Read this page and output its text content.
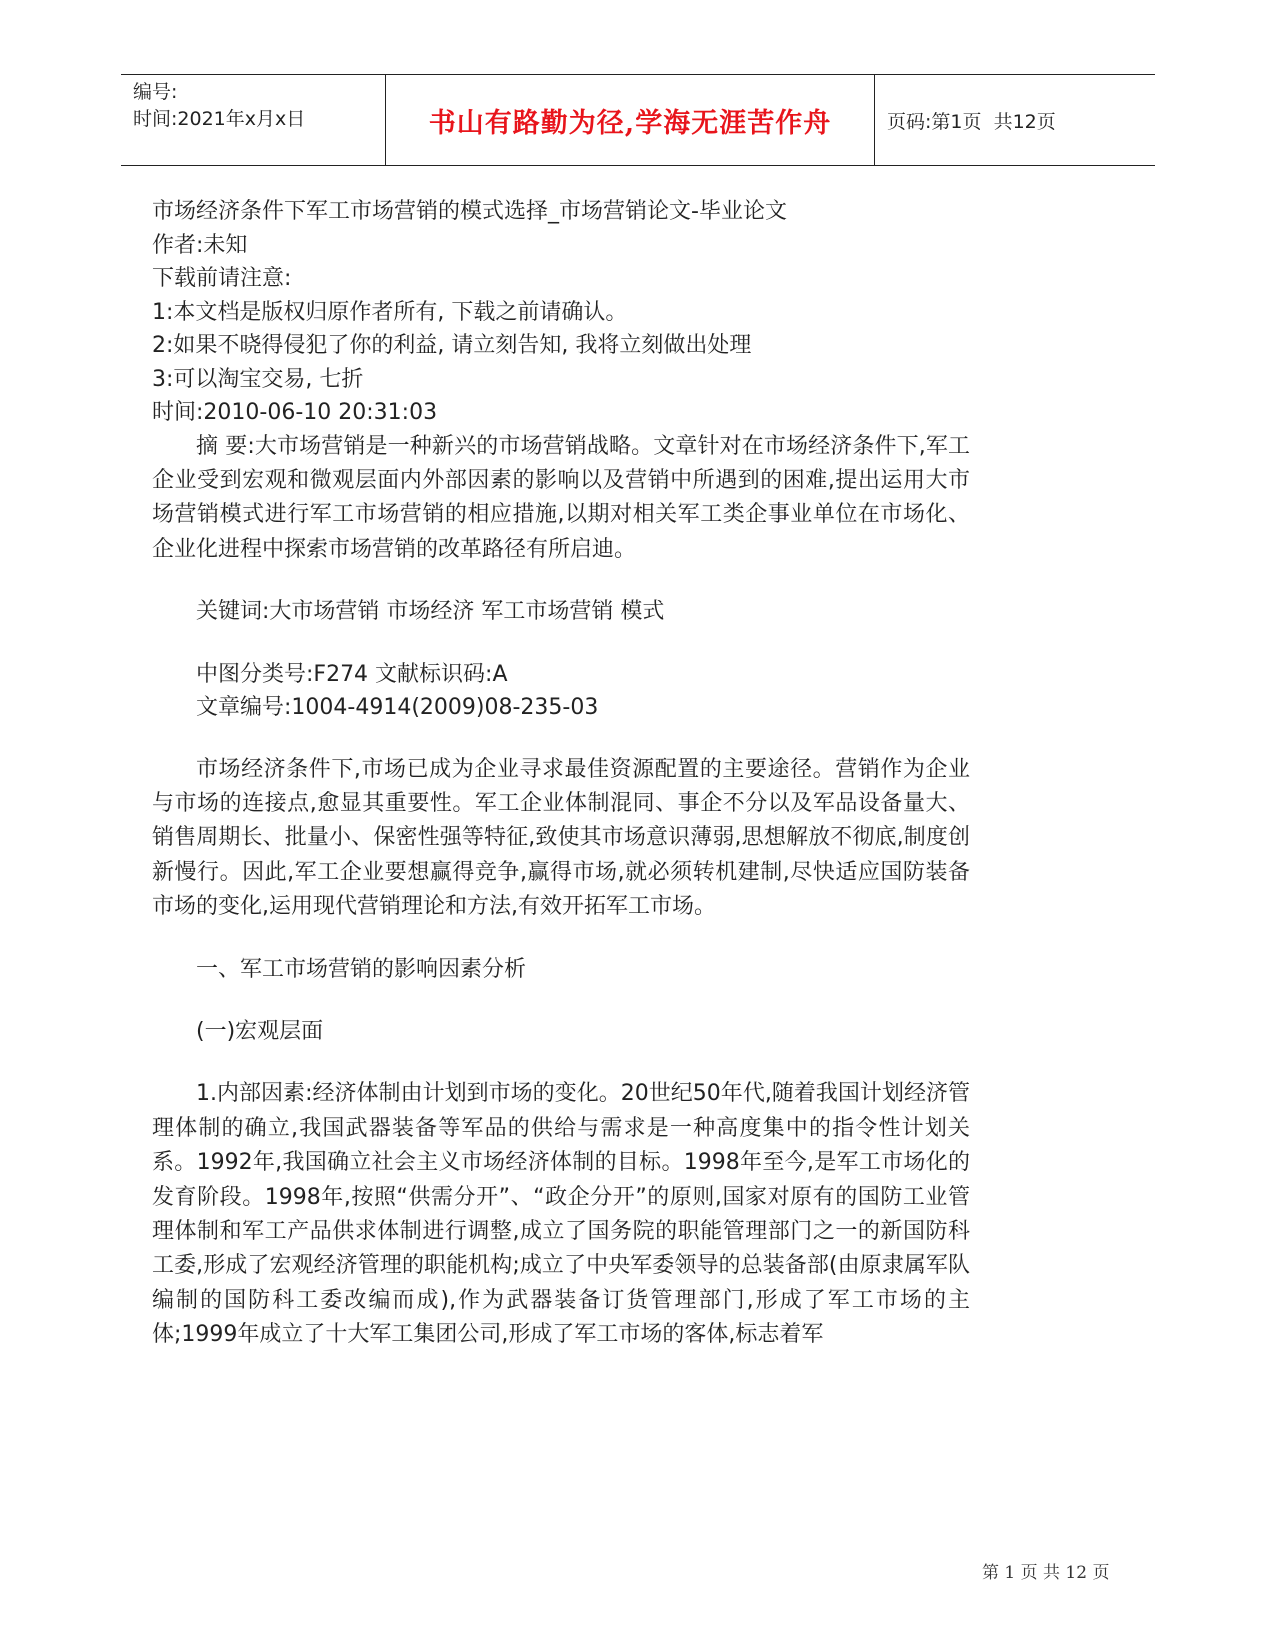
编号:
时间:2021年x月x日	书山有路勤为径,学海无涯苦作舟	页码:第1页  共12页

市场经济条件下军工市场营销的模式选择_市场营销论文-毕业论文

作者:未知

下载前请注意:

1:本文档是版权归原作者所有, 下载之前请确认。

2:如果不晓得侵犯了你的利益, 请立刻告知, 我将立刻做出处理

3:可以淘宝交易, 七折

时间:2010-06-10 20:31:03

摘 要:大市场营销是一种新兴的市场营销战略。文章针对在市场经济条件下,军工企业受到宏观和微观层面内外部因素的影响以及营销中所遇到的困难,提出运用大市场营销模式进行军工市场营销的相应措施,以期对相关军工类企事业单位在市场化、企业化进程中探索市场营销的改革路径有所启迪。

关键词:大市场营销 市场经济 军工市场营销 模式

中图分类号:F274 文献标识码:A

文章编号:1004-4914(2009)08-235-03

市场经济条件下,市场已成为企业寻求最佳资源配置的主要途径。营销作为企业与市场的连接点,愈显其重要性。军工企业体制混同、事企不分以及军品设备量大、销售周期长、批量小、保密性强等特征,致使其市场意识薄弱,思想解放不彻底,制度创新慢行。因此,军工企业要想赢得竞争,赢得市场,就必须转机建制,尽快适应国防装备市场的变化,运用现代营销理论和方法,有效开拓军工市场。

一、军工市场营销的影响因素分析

(一)宏观层面

1.内部因素:经济体制由计划到市场的变化。20世纪50年代,随着我国计划经济管理体制的确立,我国武器装备等军品的供给与需求是一种高度集中的指令性计划关系。1992年,我国确立社会主义市场经济体制的目标。1998年至今,是军工市场化的发育阶段。1998年,按照“供需分开”、“政企分开”的原则,国家对原有的国防工业管理体制和军工产品供求体制进行调整,成立了国务院的职能管理部门之一的新国防科工委,形成了宏观经济管理的职能机构;成立了中央军委领导的总装备部(由原隶属军队编制的国防科工委改编而成),作为武器装备订货管理部门,形成了军工市场的主体;1999年成立了十大军工集团公司,形成了军工市场的客体,标志着军

第 1 页 共 12 页
